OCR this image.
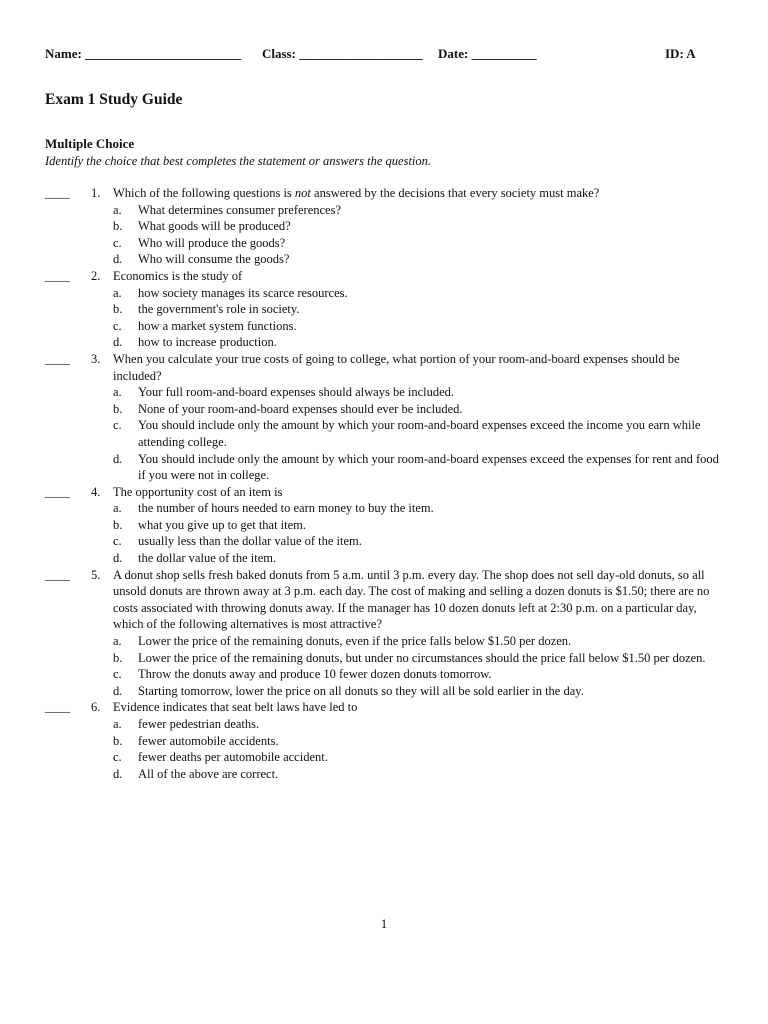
Name: ________________________ Class: ___________________ Date: __________	ID: A
Exam 1 Study Guide
Multiple Choice
Identify the choice that best completes the statement or answers the question.
____ 1. Which of the following questions is not answered by the decisions that every society must make?
a. What determines consumer preferences?
b. What goods will be produced?
c. Who will produce the goods?
d. Who will consume the goods?
____ 2. Economics is the study of
a. how society manages its scarce resources.
b. the government's role in society.
c. how a market system functions.
d. how to increase production.
____ 3. When you calculate your true costs of going to college, what portion of your room-and-board expenses should be included?
a. Your full room-and-board expenses should always be included.
b. None of your room-and-board expenses should ever be included.
c. You should include only the amount by which your room-and-board expenses exceed the income you earn while attending college.
d. You should include only the amount by which your room-and-board expenses exceed the expenses for rent and food if you were not in college.
____ 4. The opportunity cost of an item is
a. the number of hours needed to earn money to buy the item.
b. what you give up to get that item.
c. usually less than the dollar value of the item.
d. the dollar value of the item.
____ 5. A donut shop sells fresh baked donuts from 5 a.m. until 3 p.m. every day. The shop does not sell day-old donuts, so all unsold donuts are thrown away at 3 p.m. each day. The cost of making and selling a dozen donuts is $1.50; there are no costs associated with throwing donuts away. If the manager has 10 dozen donuts left at 2:30 p.m. on a particular day, which of the following alternatives is most attractive?
a. Lower the price of the remaining donuts, even if the price falls below $1.50 per dozen.
b. Lower the price of the remaining donuts, but under no circumstances should the price fall below $1.50 per dozen.
c. Throw the donuts away and produce 10 fewer dozen donuts tomorrow.
d. Starting tomorrow, lower the price on all donuts so they will all be sold earlier in the day.
____ 6. Evidence indicates that seat belt laws have led to
a. fewer pedestrian deaths.
b. fewer automobile accidents.
c. fewer deaths per automobile accident.
d. All of the above are correct.
1
